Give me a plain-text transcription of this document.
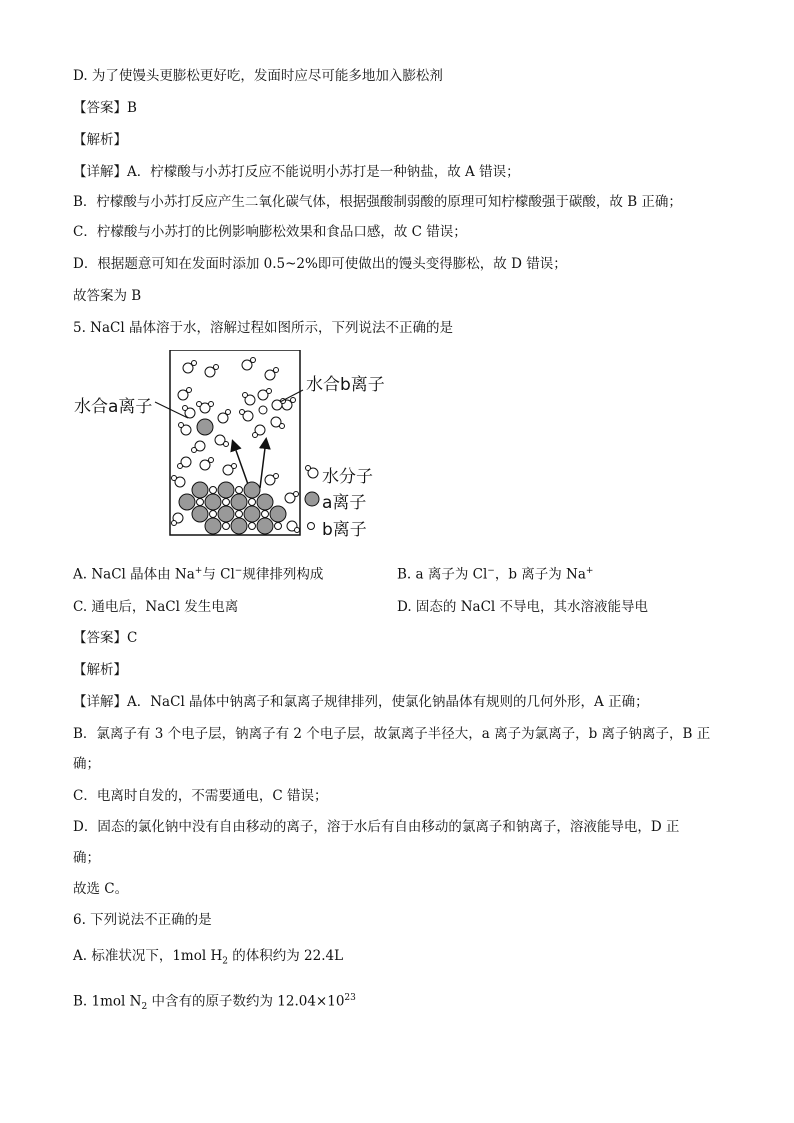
D. 为了使馒头更膨松更好吃，发面时应尽可能多地加入膨松剂
【答案】B
【解析】
【详解】A．柠檬酸与小苏打反应不能说明小苏打是一种钠盐，故 A 错误；
B．柠檬酸与小苏打反应产生二氧化碳气体，根据强酸制弱酸的原理可知柠檬酸强于碳酸，故 B 正确；
C．柠檬酸与小苏打的比例影响膨松效果和食品口感，故 C 错误；
D．根据题意可知在发面时添加 0.5~2%即可使做出的馒头变得膨松，故 D 错误；
故答案为 B
5. NaCl 晶体溶于水，溶解过程如图所示，下列说法不正确的是
水合a离子
水合b离子
水分子
a离子
b离子
A. NaCl 晶体由 Na+与 Cl−规律排列构成	B. a 离子为 Cl−，b 离子为 Na+
C. 通电后，NaCl 发生电离	D. 固态的 NaCl 不导电，其水溶液能导电
【答案】C
【解析】
【详解】A．NaCl 晶体中钠离子和氯离子规律排列，使氯化钠晶体有规则的几何外形，A 正确；
B．氯离子有 3 个电子层，钠离子有 2 个电子层，故氯离子半径大，a 离子为氯离子，b 离子钠离子，B 正
确；
C．电离时自发的，不需要通电，C 错误；
D．固态的氯化钠中没有自由移动的离子，溶于水后有自由移动的氯离子和钠离子，溶液能导电，D 正
确；
故选 C。
6. 下列说法不正确的是
A. 标准状况下，1mol $H_2$ 的体积约为 22.4L
B. 1mol $N_2$ 中含有的原子数约为 $12.04\times 10^{23}$
